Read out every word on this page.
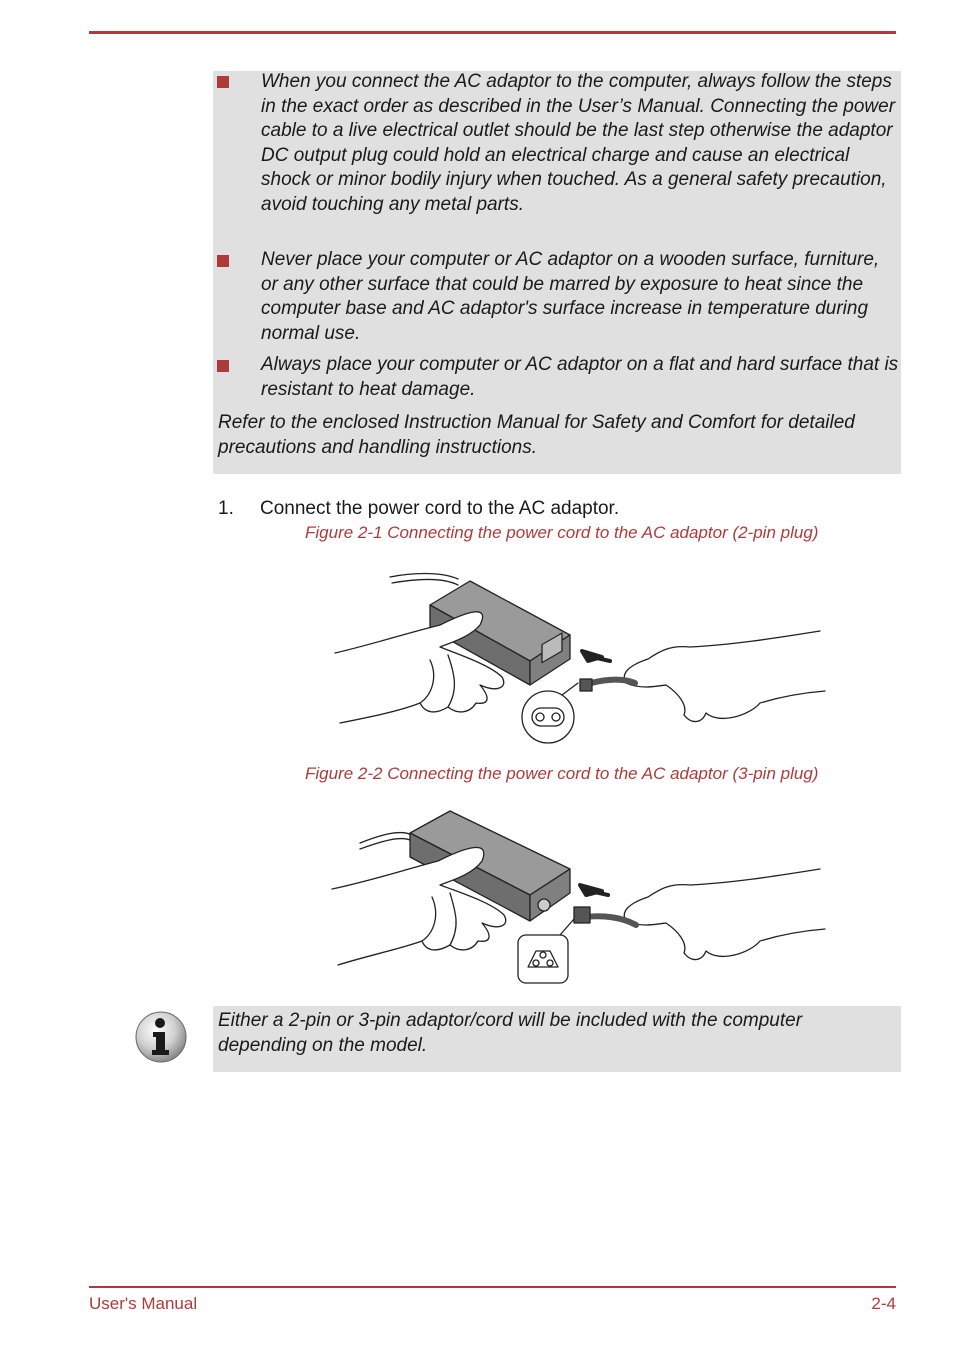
When you connect the AC adaptor to the computer, always follow the steps in the exact order as described in the User’s Manual. Connecting the power cable to a live electrical outlet should be the last step otherwise the adaptor DC output plug could hold an electrical charge and cause an electrical shock or minor bodily injury when touched. As a general safety precaution, avoid touching any metal parts.
Never place your computer or AC adaptor on a wooden surface, furniture, or any other surface that could be marred by exposure to heat since the computer base and AC adaptor's surface increase in temperature during normal use.
Always place your computer or AC adaptor on a flat and hard surface that is resistant to heat damage.
Refer to the enclosed Instruction Manual for Safety and Comfort for detailed precautions and handling instructions.
1. Connect the power cord to the AC adaptor.
Figure 2-1 Connecting the power cord to the AC adaptor (2-pin plug)
Figure 2-2 Connecting the power cord to the AC adaptor (3-pin plug)
Either a 2-pin or 3-pin adaptor/cord will be included with the computer depending on the model.
User's Manual	2-4
